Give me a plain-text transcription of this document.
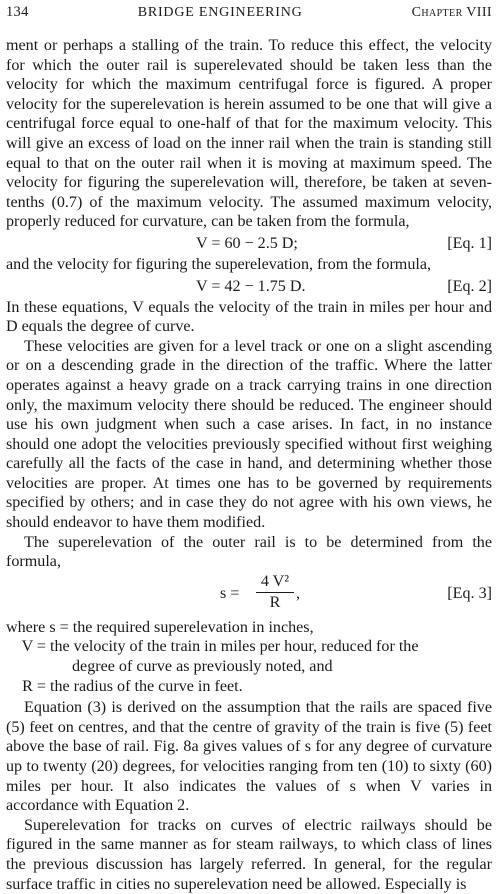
134	BRIDGE ENGINEERING	Chapter VIII

ment or perhaps a stalling of the train. To reduce this effect, the velocity for which the outer rail is superelevated should be taken less than the velocity for which the maximum centrifugal force is figured. A proper velocity for the superelevation is herein assumed to be one that will give a centrifugal force equal to one-half of that for the maximum velocity. This will give an excess of load on the inner rail when the train is standing still equal to that on the outer rail when it is moving at maximum speed. The velocity for figuring the superelevation will, therefore, be taken at seven-tenths (0.7) of the maximum velocity. The assumed maximum velocity, properly reduced for curvature, can be taken from the formula,

V = 60 − 2.5 D;	[Eq. 1]

and the velocity for figuring the superelevation, from the formula,

V = 42 − 1.75 D.	[Eq. 2]

In these equations, V equals the velocity of the train in miles per hour and D equals the degree of curve.

These velocities are given for a level track or one on a slight ascending or on a descending grade in the direction of the traffic. Where the latter operates against a heavy grade on a track carrying trains in one direction only, the maximum velocity there should be reduced. The engineer should use his own judgment when such a case arises. In fact, in no instance should one adopt the velocities previously specified without first weighing carefully all the facts of the case in hand, and determining whether those velocities are proper. At times one has to be governed by requirements specified by others; and in case they do not agree with his own views, he should endeavor to have them modified.

The superelevation of the outer rail is to be determined from the formula,

$s = \frac{\text{4 V²}}{R}$ ,	[Eq. 3]
where s = the required superelevation in inches,
V = the velocity of the train in miles per hour, reduced for the
degree of curve as previously noted, and
R = the radius of the curve in feet.

Equation (3) is derived on the assumption that the rails are spaced five (5) feet on centres, and that the centre of gravity of the train is five (5) feet above the base of rail. Fig. 8a gives values of s for any degree of curvature up to twenty (20) degrees, for velocities ranging from ten (10) to sixty (60) miles per hour. It also indicates the values of s when V varies in accordance with Equation 2.

Superelevation for tracks on curves of electric railways should be figured in the same manner as for steam railways, to which class of lines the previous discussion has largely referred. In general, for the regular surface traffic in cities no superelevation need be allowed. Especially is
